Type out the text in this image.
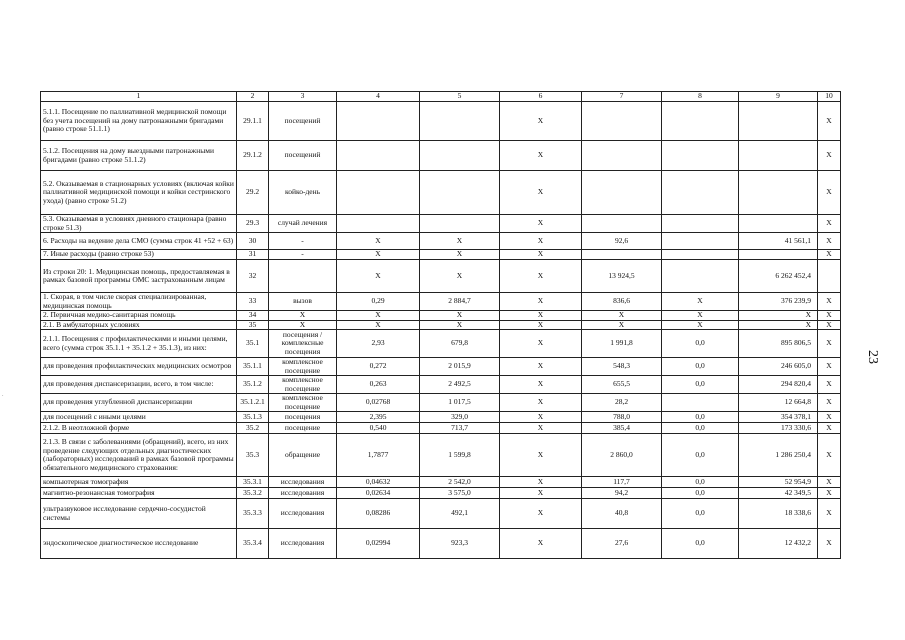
1	2	3	4	5	6	7	8	9	10
5.1.1. Посещение по паллиативной медицинской помощи без учета посещений на дому патронажными бригадами (равно строке 51.1.1)	29.1.1	посещений			X				X
5.1.2. Посещения на дому выездными патронажными бригадами (равно строке 51.1.2)	29.1.2	посещений			X				X
5.2. Оказываемая в стационарных условиях (включая койки паллиативной медицинской помощи и койки сестринского ухода) (равно строке 51.2)	29.2	койко-день			X				X
5.3. Оказываемая в условиях дневного стационара (равно строке 51.3)	29.3	случай лечения			X				X
6. Расходы на ведение дела СМО (сумма строк 41 +52 + 63)	30	-	X	X	X	92,6		41 561,1	X
7. Иные расходы (равно строке 53)	31	-	X	X	X				X
Из строки 20: 1. Медицинская помощь, предоставляемая в рамках базовой программы ОМС застрахованным лицам	32		X	X	X	13 924,5		6 262 452,4	
1. Скорая, в том числе скорая специализированная, медицинская помощь	33	вызов	0,29	2 884,7	X	836,6	X	376 239,9	X
2. Первичная медико-санитарная помощь	34	X	X	X	X	X	X	X	X
2.1. В амбулаторных условиях	35	X	X	X	X	X	X	X	X
2.1.1. Посещения с профилактическими и иными целями, всего (сумма строк 35.1.1 + 35.1.2 + 35.1.3), из них:	35.1	посещения / комплексные посещения	2,93	679,8	X	1 991,8	0,0	895 806,5	X
для проведения профилактических медицинских осмотров	35.1.1	комплексное посещение	0,272	2 015,9	X	548,3	0,0	246 605,0	X
для проведения диспансеризации, всего, в том числе:	35.1.2	комплексное посещение	0,263	2 492,5	X	655,5	0,0	294 820,4	X
для проведения углубленной диспансеризации	35.1.2.1	комплексное посещение	0,02768	1 017,5	X	28,2		12 664,8	X
для посещений с иными целями	35.1.3	посещения	2,395	329,0	X	788,0	0,0	354 378,1	X
2.1.2. В неотложной форме	35.2	посещение	0,540	713,7	X	385,4	0,0	173 330,6	X
2.1.3. В связи с заболеваниями (обращений), всего, из них проведение следующих отдельных диагностических (лабораторных) исследований в рамках базовой программы обязательного медицинского страхования:	35.3	обращение	1,7877	1 599,8	X	2 860,0	0,0	1 286 250,4	X
компьютерная томография	35.3.1	исследования	0,04632	2 542,0	X	117,7	0,0	52 954,9	X
магнитно-резонансная томография	35.3.2	исследования	0,02634	3 575,0	X	94,2	0,0	42 349,5	X
ультразвуковое исследование сердечно-сосудистой системы	35.3.3	исследования	0,08286	492,1	X	40,8	0,0	18 338,6	X
эндоскопическое диагностическое исследование	35.3.4	исследования	0,02994	923,3	X	27,6	0,0	12 432,2	X
23
.
